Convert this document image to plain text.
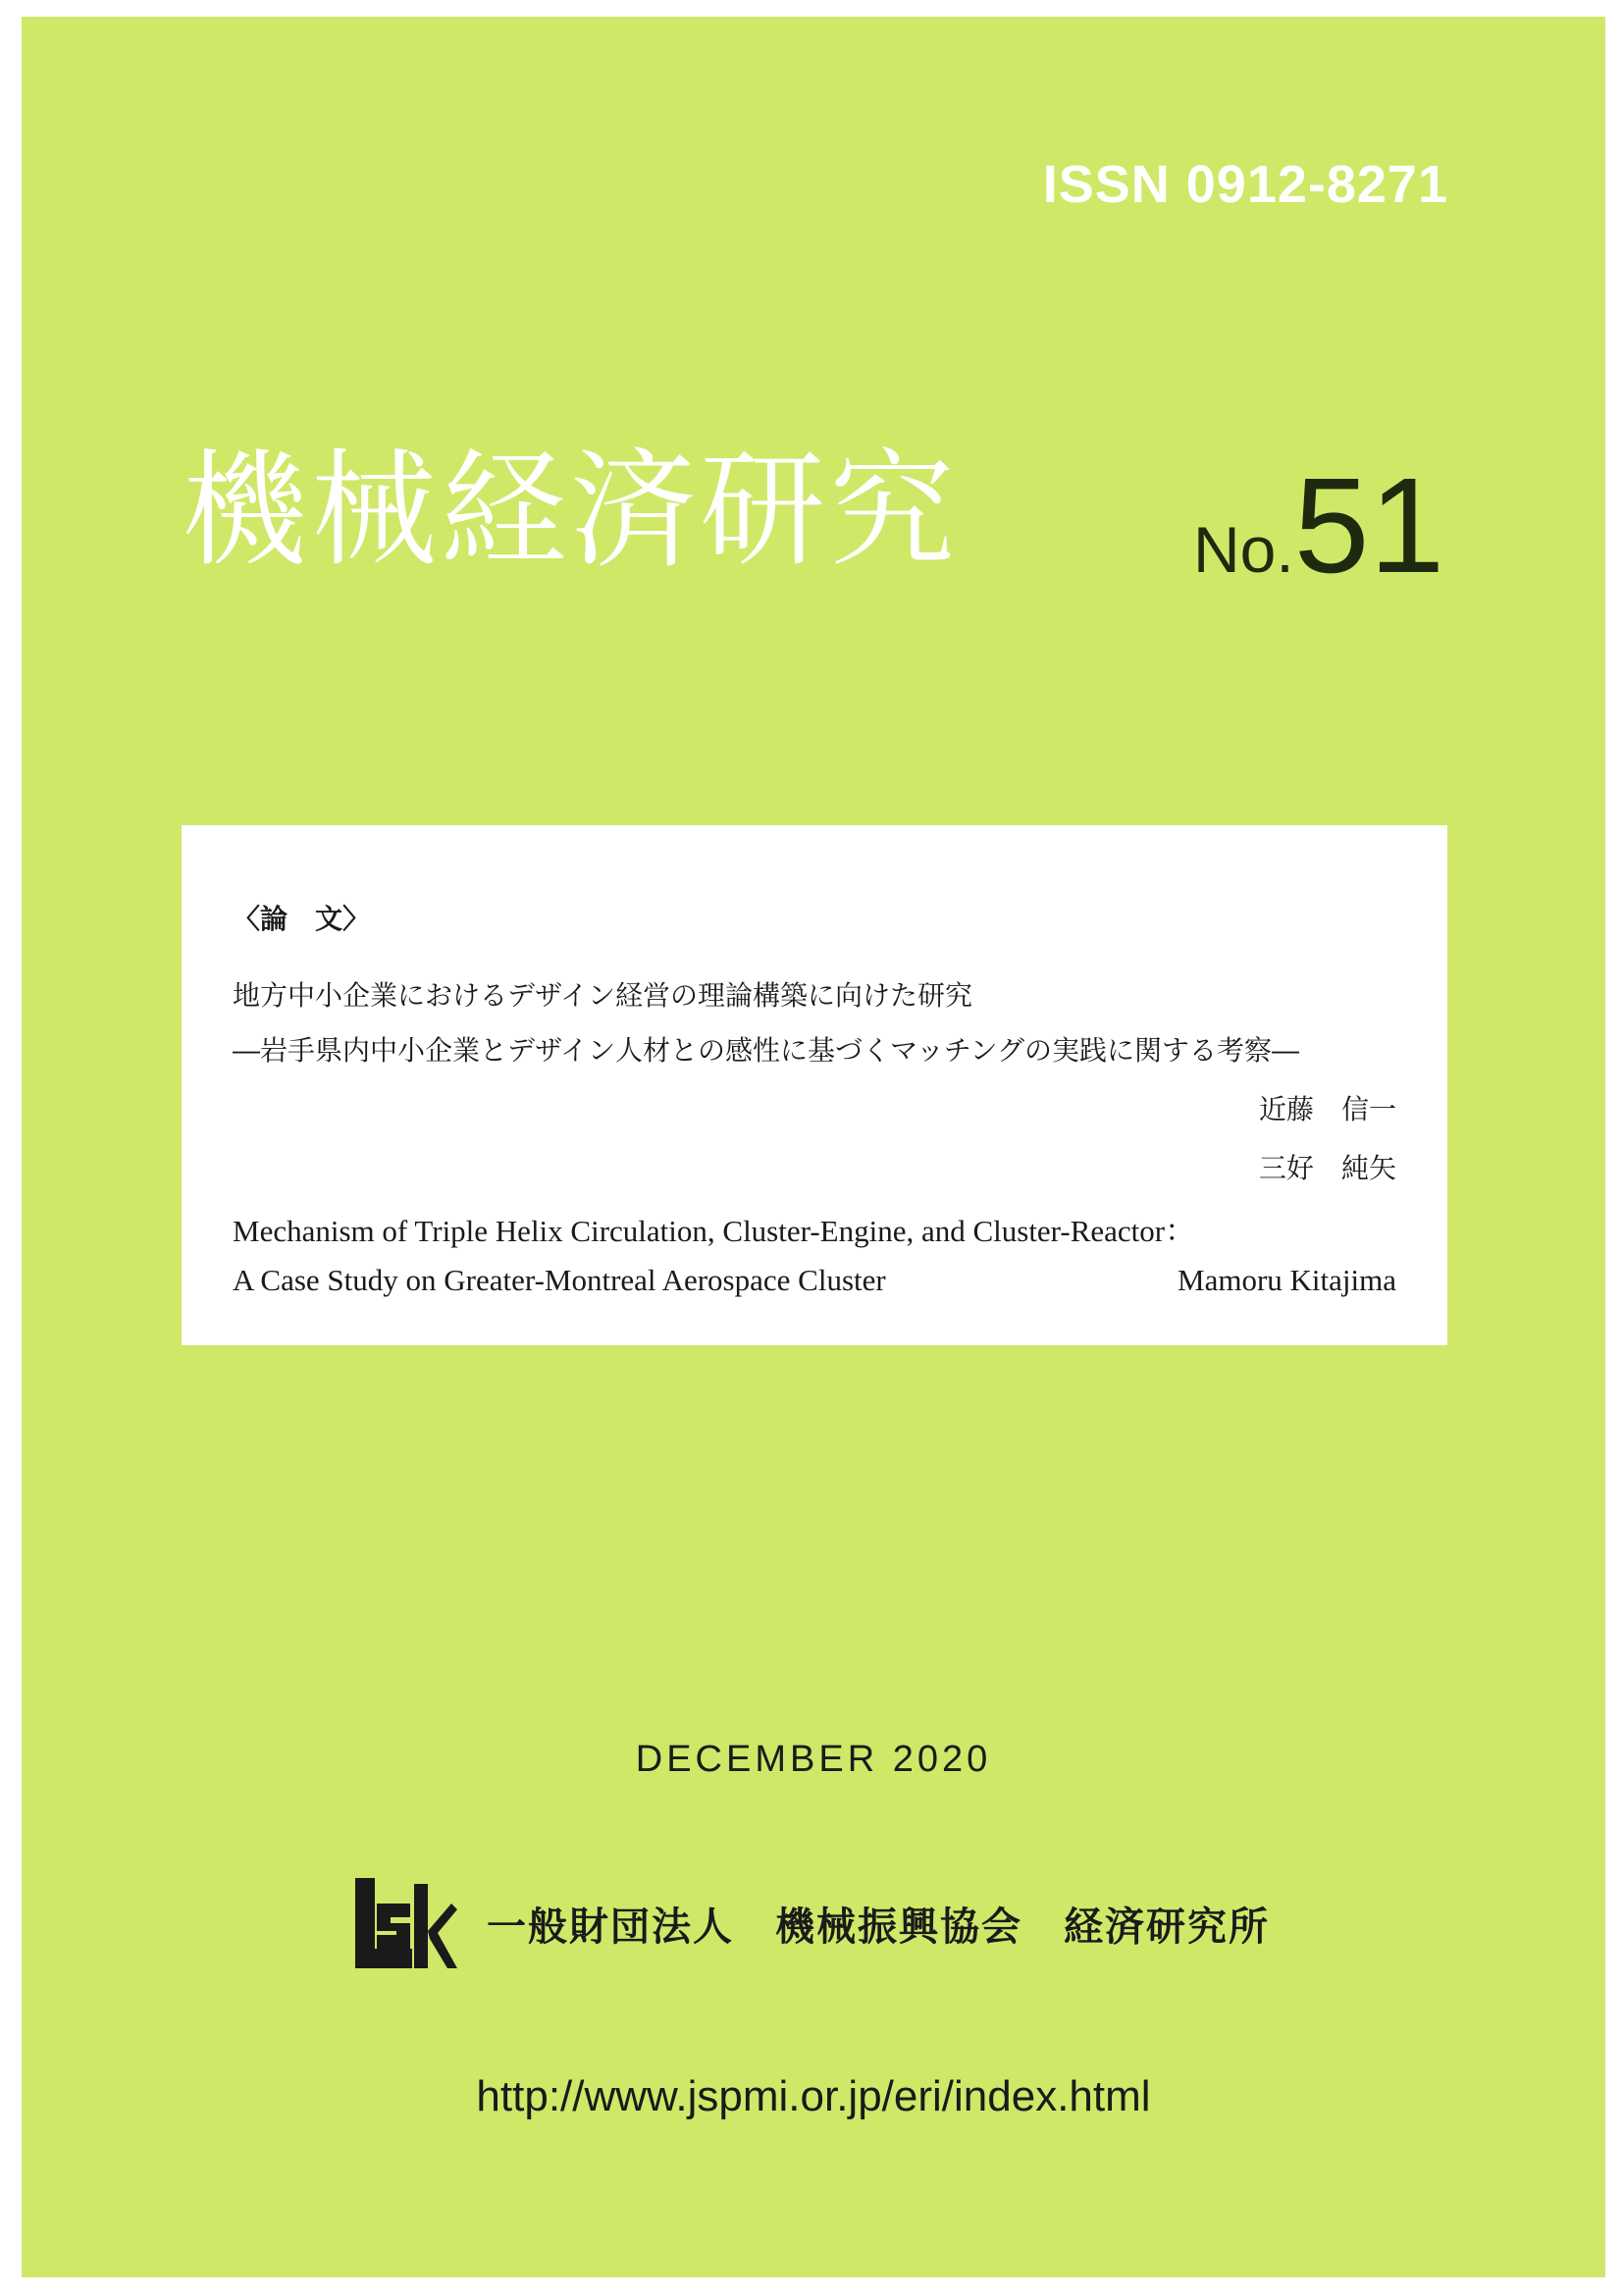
ISSN 0912-8271
機械経済研究	No.51
〈論　文〉
地方中小企業におけるデザイン経営の理論構築に向けた研究
―岩手県内中小企業とデザイン人材との感性に基づくマッチングの実践に関する考察―
近藤　信一
三好　純矢
Mechanism of Triple Helix Circulation, Cluster-Engine, and Cluster-Reactor：
A Case Study on Greater-Montreal Aerospace Cluster	Mamoru Kitajima
DECEMBER 2020
一般財団法人　機械振興協会　経済研究所
http://www.jspmi.or.jp/eri/index.html
